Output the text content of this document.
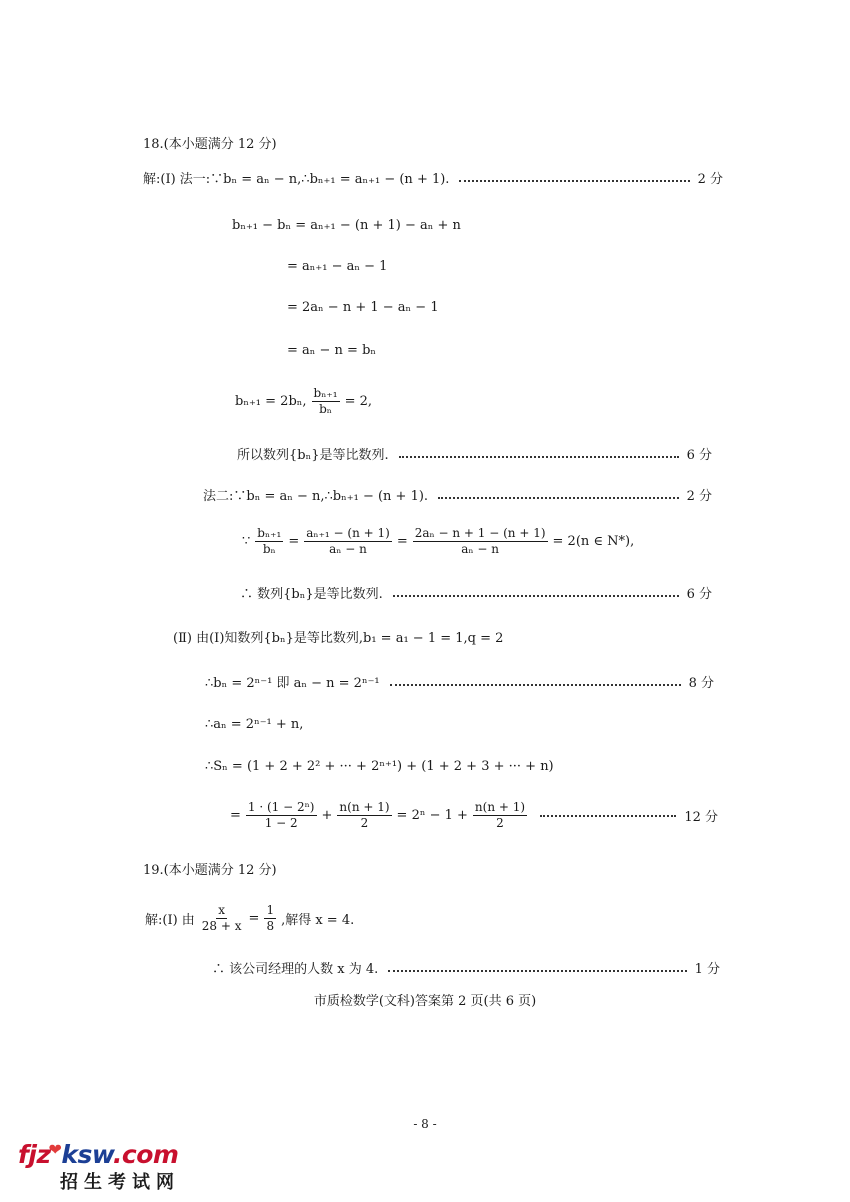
18.(本小题满分 12 分)
解:(Ⅰ) 法一:∵bₙ = aₙ − n,∴bₙ₊₁ = aₙ₊₁ − (n + 1).	2 分
bₙ₊₁ − bₙ = aₙ₊₁ − (n + 1) − aₙ + n
= aₙ₊₁ − aₙ − 1
= 2aₙ − n + 1 − aₙ − 1
= aₙ − n = bₙ
bₙ₊₁ = 2bₙ, $\frac{\text{bₙ₊₁}}{\text{bₙ}} = 2$,
所以数列{bₙ}是等比数列.	6 分
法二:∵bₙ = aₙ − n,∴bₙ₊₁ − (n + 1).	2 分
∵ $\frac{\text{bₙ₊₁}}{\text{bₙ}} = \frac{\text{aₙ₊₁ − (n + 1)}}{\text{aₙ − n}} = \frac{\text{2aₙ − n + 1 − (n + 1)}}{\text{aₙ − n}} = 2(n$ ∈ N*),
∴ 数列{bₙ}是等比数列.	6 分
(Ⅱ) 由(Ⅰ)知数列{bₙ}是等比数列,b₁ = a₁ − 1 = 1,q = 2
∴bₙ = 2ⁿ⁻¹ 即 aₙ − n = 2ⁿ⁻¹	8 分
∴aₙ = 2ⁿ⁻¹ + n,
∴Sₙ = (1 + 2 + 2² + ··· + 2ⁿ⁺¹) + (1 + 2 + 3 + ··· + n)
= $\frac{\text{1 · (1 − 2ⁿ)}}{1 - 2} + \frac{n(n + 1)}{2} = 2^n - 1 + \frac{n(n + 1)}{2}$	12 分
19.(本小题满分 12 分)
解:(Ⅰ) 由 $\frac{x}{28 + x} = \frac{1}{8}$ ,解得 x = 4.
∴ 该公司经理的人数 x 为 4.	1 分
市质检数学(文科)答案第 2 页(共 6 页)
- 8 -
fjz❤ksw.com
招生考试网
